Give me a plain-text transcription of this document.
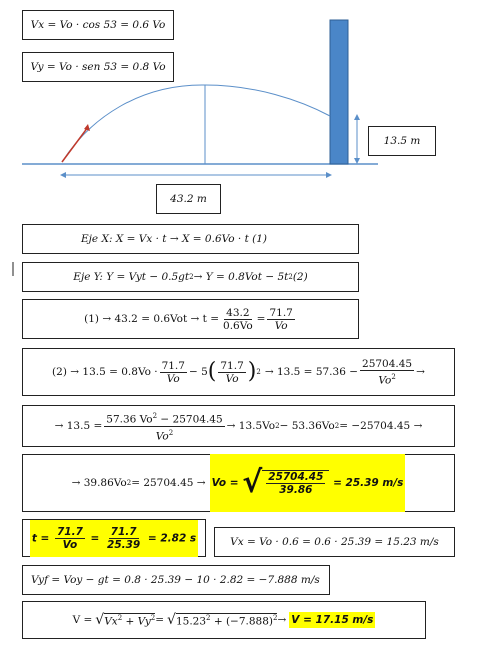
Vx = Vo · cos 53 = 0.6 Vo
Vy = Vo · sen 53 = 0.8 Vo
13.5 m
43.2 m
Eje X: X = Vx · t → X = 0.6Vo · t (1)
Eje Y: Y = Vyt − 0.5gt 2 → Y = 0.8Vot − 5t 2 (2)
$(1) \to 43.2 = 0.6Vot \to t = \frac{43.2}{0.6Vo} = \frac{71.7}{Vo}$
$(2) \to 13.5 = 0.8Vo \cdot \frac{71.7}{Vo} - 5$ ( $\frac{71.7}{Vo}$ ) $2 \to 13.5 = 57.36 - \frac{25704.45}{Vo^2}$ →
→ $13.5 = \frac{57.36 Vo^2 - 25704.45}{Vo^2} \to 13.5Vo$ 2 − 53.36Vo 2 = −25704.45 →
→ 39.86Vo 2 = 25704.45 → Vo = √ $\frac{25704.45}{39.86} = 25.39$ m/s
$t = \frac{71.7}{Vo} = \frac{71.7}{25.39} = 2.82$ s	Vx = Vo · 0.6 = 0.6 · 25.39 = 15.23 m/s
Vyf = Voy − gt = 0.8 · 25.39 − 10 · 2.82 = −7.888 m/s
V = √ $Vx^2 + Vy^2$ = √ $15.23^2 + (-7.888)^2 \to V = 17.15$ m/s
